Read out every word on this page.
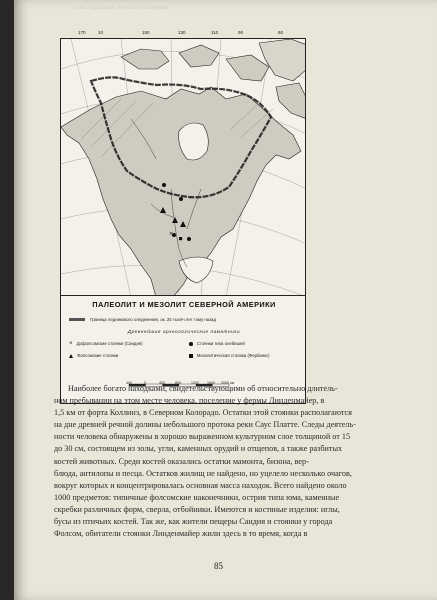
гром гармадане мезолита северный
170	10	150	130	110	90	60
×
ПАЛЕОЛИТ И МЕЗОЛИТ СЕВЕРНОЙ АМЕРИКИ
Граница ледникового оледенения, ок. 25 тысяч лет тому назад
Древнейшие археологические памятники
× Дофолсомские стоянки (Сандия)	Стоянки типа олебишей
Фолсомские стоянки	Мезолитическая стоянка (Фербанкс)
400	0	400	800	1200 1600 2000 км
Наиболее богато находками, свидетельствующими об относительно длитель-
ном пребывании на этом месте человека, поселение у фермы Линденмайер, в
1,5 км от форта Коллинз, в Северном Колорадо. Остатки этой стоянки располагаются
на дне древней речной долины небольшого протока реки Саус Платте. Следы деятель-
ности человека обнаружены в хорошо выраженном культурном слое толщиной от 15
до 30 см, состоящем из золы, угли, каменных орудий и отщепов, а также разбитых
костей животных. Среди костей оказались остатки мамонта, бизона, вер-
блюда, антилопы и песца. Остатков жилищ не найдено, но уцелело несколько очагов,
вокруг которых и концентрировалась основная масса находок. Всего найдено около
1000 предметов: типичные фолсомские наконечники, острия типа юма, каменные
скребки различных форм, сверла, отбойники. Имеются и костяные изделия: иглы,
бусы из птичьих костей. Так же, как жители пещеры Сандия и стоянки у города
Фолсом, обитатели стоянки Линденмайер жили здесь в то время, когда в
85
